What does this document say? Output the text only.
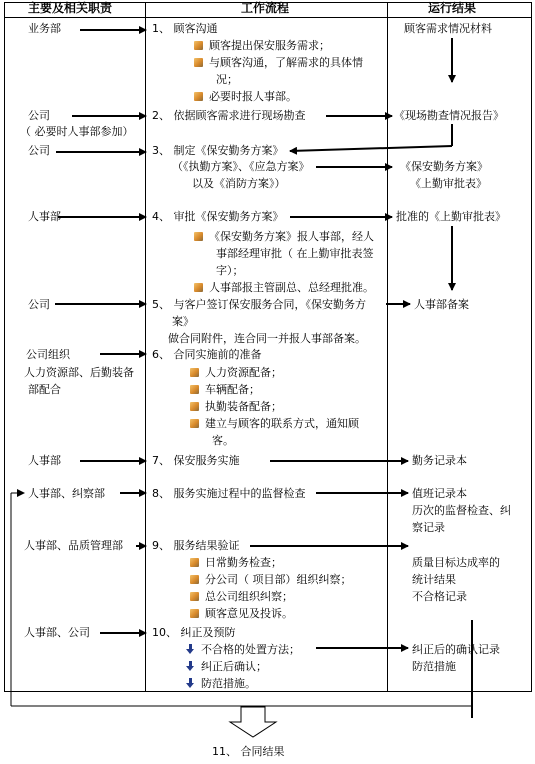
主要及相关职责	工作流程	运行结果
业务部
公司
（ 必要时人事部参加）
公司
人事部
公司
公司组织
人力资源部、后勤装备
部配合
人事部
人事部、纠察部
人事部、品质管理部
人事部、公司
1、 顾客沟通
顾客提出保安服务需求；
与顾客沟通，了解需求的具体情
况；
必要时报人事部。
2、 依据顾客需求进行现场勘查
3、 制定《保安勤务方案》
（《执勤方案》、《应急方案》
以及《消防方案》）
4、 审批《保安勤务方案》
《保安勤务方案》报人事部，经人
事部经理审批（ 在上勤审批表签
字）；
人事部报主管副总、总经理批准。
5、 与客户签订保安服务合同，《保安勤务方
案》
做合同附件，连合同一并报人事部备案。
6、 合同实施前的准备
人力资源配备；
车辆配备；
执勤装备配备；
建立与顾客的联系方式，通知顾
客。
7、 保安服务实施
8、 服务实施过程中的监督检查
9、 服务结果验证
日常勤务检查；
分公司（ 项目部）组织纠察；
总公司组织纠察；
顾客意见及投诉。
10、 纠正及预防
不合格的处置方法；
纠正后确认；
防范措施。
11、 合同结果
顾客需求情况材料
《现场勘查情况报告》
《保安勤务方案》
《上勤审批表》
批准的《上勤审批表》
人事部备案
勤务记录本
值班记录本
历次的监督检查、纠
察记录
质量目标达成率的
统计结果
不合格记录
纠正后的确认记录
防范措施
